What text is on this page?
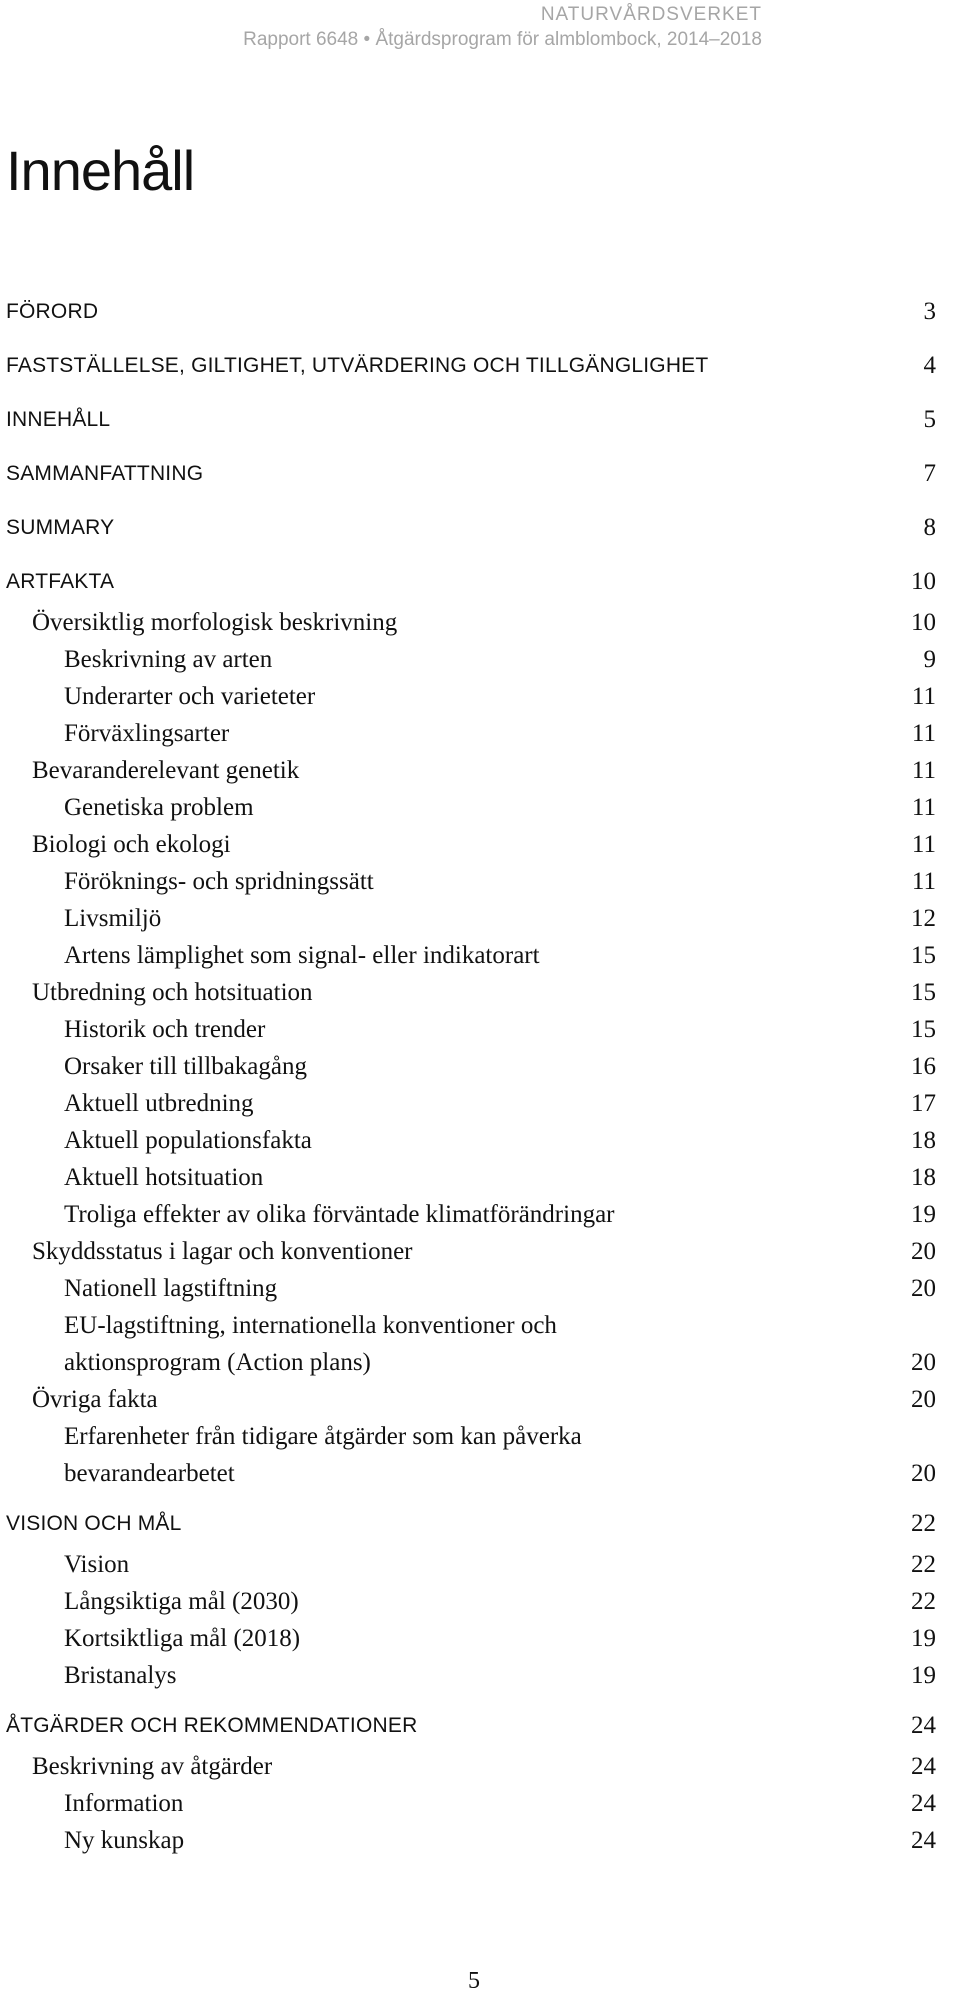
NATURVÅRDSVERKET
Rapport 6648 • Åtgärdsprogram för almblombock, 2014–2018
Innehåll
FÖRORD	3
FASTSTÄLLELSE, GILTIGHET, UTVÄRDERING OCH TILLGÄNGLIGHET	4
INNEHÅLL	5
SAMMANFATTNING	7
SUMMARY	8
ARTFAKTA	10
Översiktlig morfologisk beskrivning	10
Beskrivning av arten	9
Underarter och varieteter	11
Förväxlingsarter	11
Bevaranderelevant genetik	11
Genetiska problem	11
Biologi och ekologi	11
Föröknings- och spridningssätt	11
Livsmiljö	12
Artens lämplighet som signal- eller indikatorart	15
Utbredning och hotsituation	15
Historik och trender	15
Orsaker till tillbakagång	16
Aktuell utbredning	17
Aktuell populationsfakta	18
Aktuell hotsituation	18
Troliga effekter av olika förväntade klimatförändringar	19
Skyddsstatus i lagar och konventioner	20
Nationell lagstiftning	20
EU-lagstiftning, internationella konventioner och
aktionsprogram (Action plans)	20
Övriga fakta	20
Erfarenheter från tidigare åtgärder som kan påverka
bevarandearbetet	20
VISION OCH MÅL	22
Vision	22
Långsiktiga mål (2030)	22
Kortsiktliga mål (2018)	19
Bristanalys	19
ÅTGÄRDER OCH REKOMMENDATIONER	24
Beskrivning av åtgärder	24
Information	24
Ny kunskap	24
5
